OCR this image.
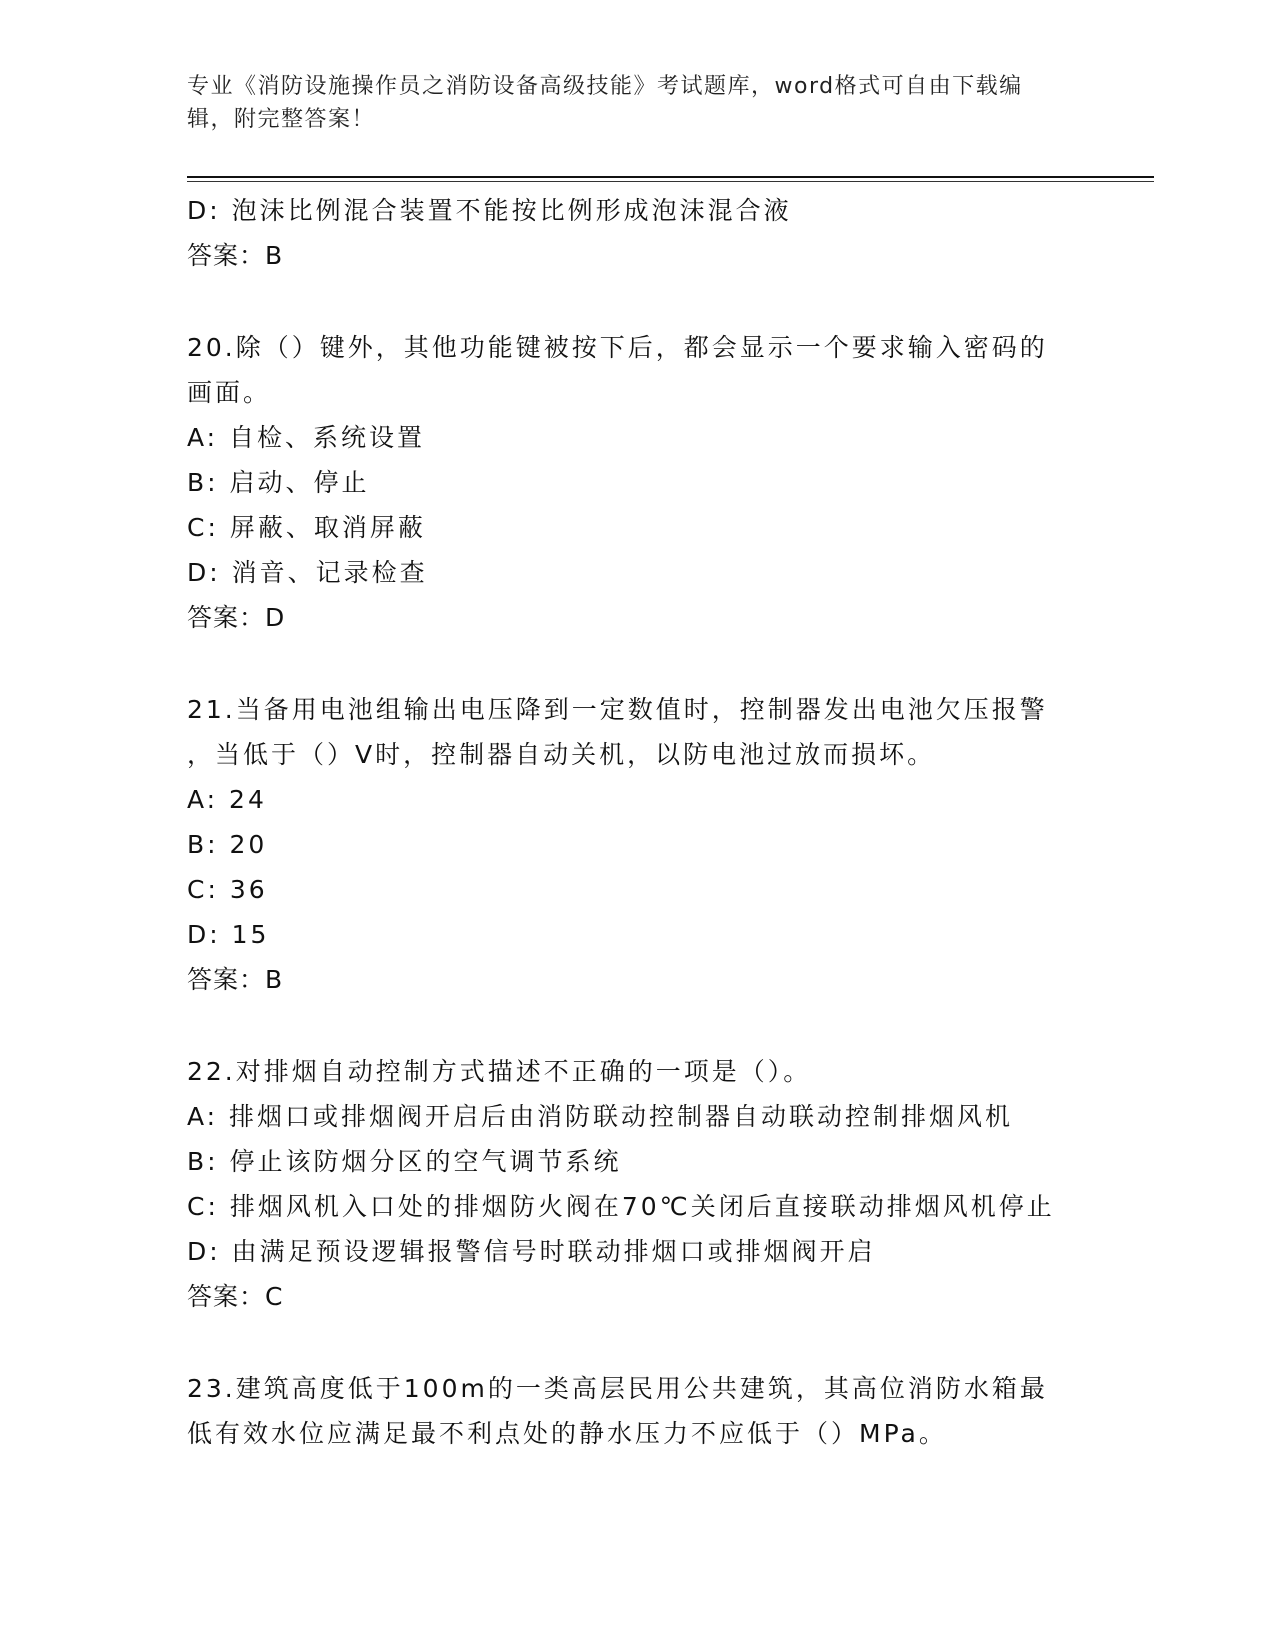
专业《消防设施操作员之消防设备高级技能》考试题库，word格式可自由下载编辑，附完整答案！
D: 泡沫比例混合装置不能按比例形成泡沫混合液
答案：B
20.除（）键外，其他功能键被按下后，都会显示一个要求输入密码的
画面。
A: 自检、系统设置
B: 启动、停止
C: 屏蔽、取消屏蔽
D: 消音、记录检查
答案：D
21.当备用电池组输出电压降到一定数值时，控制器发出电池欠压报警
，当低于（）V时，控制器自动关机，以防电池过放而损坏。
A: 24
B: 20
C: 36
D: 15
答案：B
22.对排烟自动控制方式描述不正确的一项是（）。
A: 排烟口或排烟阀开启后由消防联动控制器自动联动控制排烟风机
B: 停止该防烟分区的空气调节系统
C: 排烟风机入口处的排烟防火阀在70℃关闭后直接联动排烟风机停止
D: 由满足预设逻辑报警信号时联动排烟口或排烟阀开启
答案：C
23.建筑高度低于100m的一类高层民用公共建筑，其高位消防水箱最
低有效水位应满足最不利点处的静水压力不应低于（）MPa。
